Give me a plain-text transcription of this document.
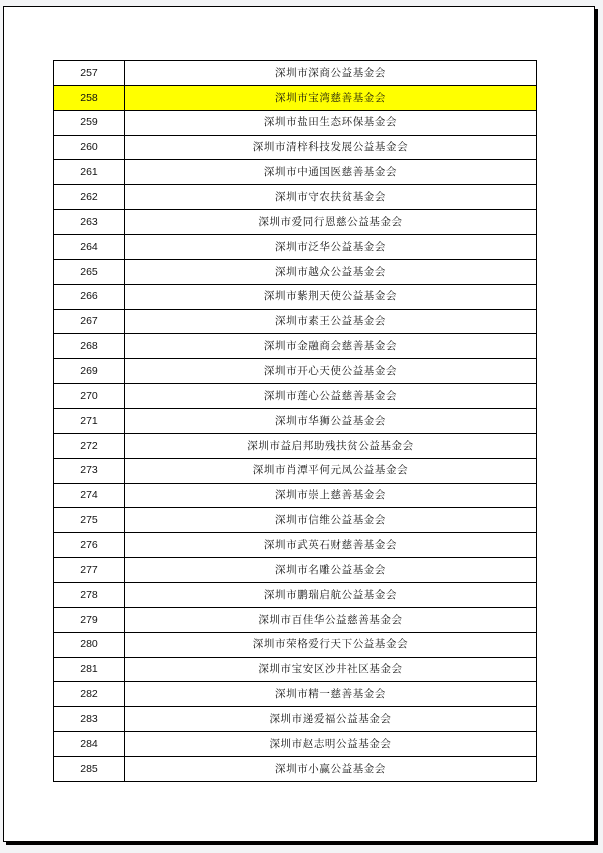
257	深圳市深商公益基金会
258	深圳市宝湾慈善基金会
259	深圳市盐田生态环保基金会
260	深圳市清梓科技发展公益基金会
261	深圳市中通国医慈善基金会
262	深圳市守农扶贫基金会
263	深圳市爱同行恩慈公益基金会
264	深圳市泛华公益基金会
265	深圳市越众公益基金会
266	深圳市紫荆天使公益基金会
267	深圳市素王公益基金会
268	深圳市金融商会慈善基金会
269	深圳市开心天使公益基金会
270	深圳市莲心公益慈善基金会
271	深圳市华狮公益基金会
272	深圳市益启邦助残扶贫公益基金会
273	深圳市肖潭平何元凤公益基金会
274	深圳市崇上慈善基金会
275	深圳市信维公益基金会
276	深圳市武英石财慈善基金会
277	深圳市名雕公益基金会
278	深圳市鹏瑞启航公益基金会
279	深圳市百佳华公益慈善基金会
280	深圳市荣格爱行天下公益基金会
281	深圳市宝安区沙井社区基金会
282	深圳市精一慈善基金会
283	深圳市递爱福公益基金会
284	深圳市赵志明公益基金会
285	深圳市小赢公益基金会
